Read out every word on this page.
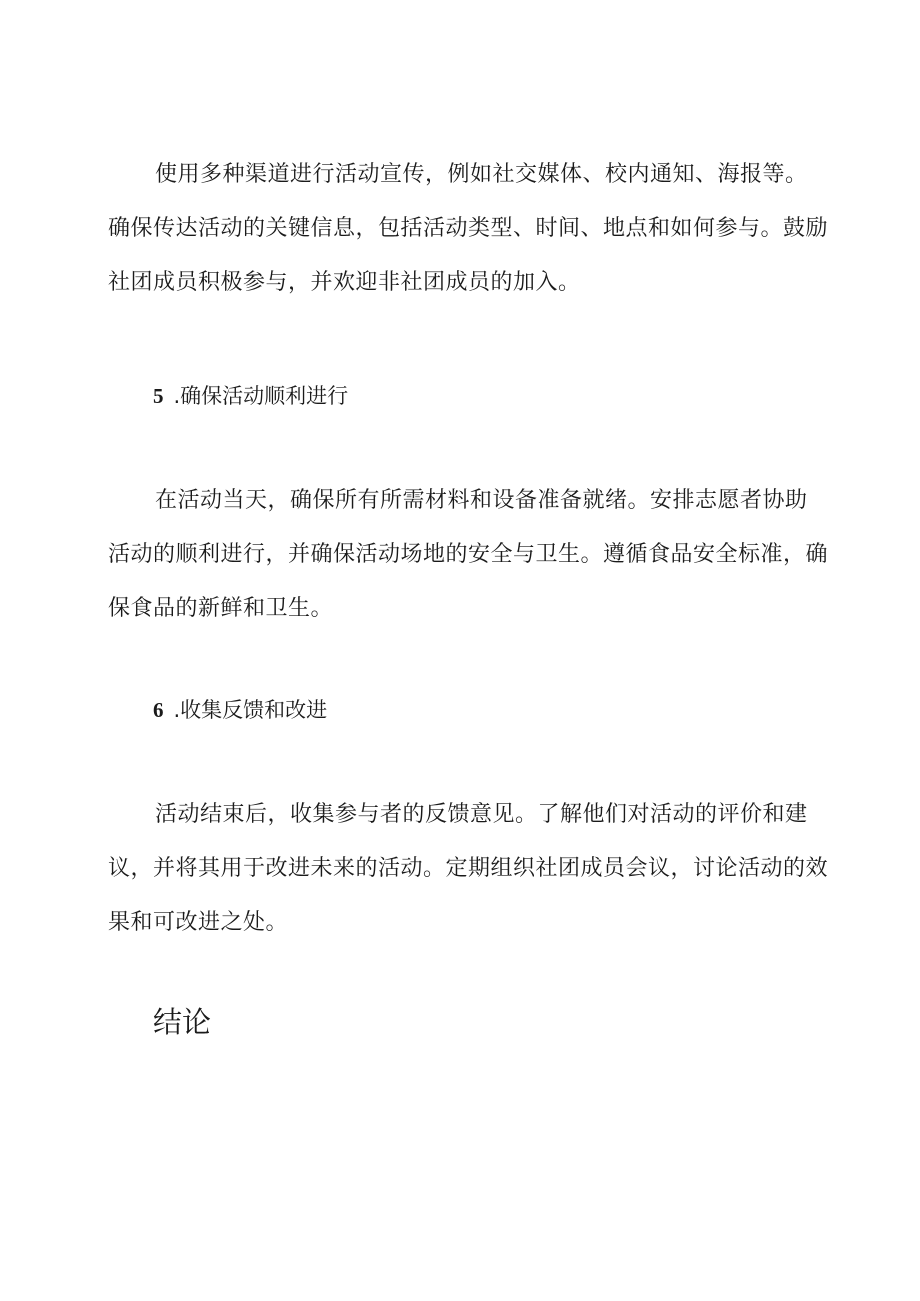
使用多种渠道进行活动宣传，例如社交媒体、校内通知、海报等。确保传达活动的关键信息，包括活动类型、时间、地点和如何参与。鼓励社团成员积极参与，并欢迎非社团成员的加入。

5 .确保活动顺利进行

在活动当天，确保所有所需材料和设备准备就绪。安排志愿者协助活动的顺利进行，并确保活动场地的安全与卫生。遵循食品安全标准，确保食品的新鲜和卫生。

6 .收集反馈和改进

活动结束后，收集参与者的反馈意见。了解他们对活动的评价和建议，并将其用于改进未来的活动。定期组织社团成员会议，讨论活动的效果和可改进之处。

结论
